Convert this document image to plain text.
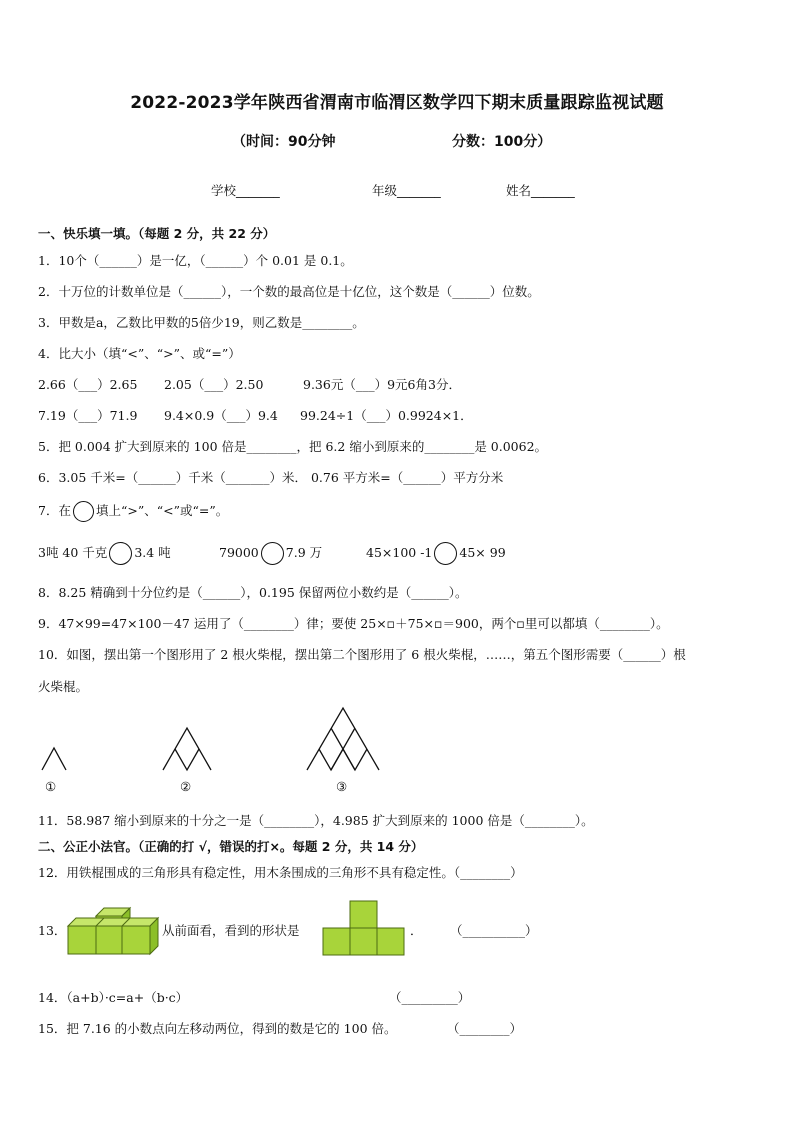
2022-2023学年陕西省渭南市临渭区数学四下期末质量跟踪监视试题
（时间：90分钟	分数：100分）
学校_______	年级_______	姓名_______
一、快乐填一填。（每题 2 分，共 22 分）
1．10个（______）是一亿，（______）个 0.01 是 0.1。
2．十万位的计数单位是（______），一个数的最高位是十亿位，这个数是（______）位数。
3．甲数是a，乙数比甲数的5倍少19，则乙数是________。
4．比大小（填“<”、“>”、或“=”）
2.66（___）2.65 2.05（___）2.50	9.36元（___）9元6角3分．
7.19（___）71.9 9.4×0.9（___）9.4 99.24÷1（___）0.9924×1．
5．把 0.004 扩大到原来的 100 倍是________，把 6.2 缩小到原来的________是 0.0062。
6．3.05 千米=（______）千米（_______）米． 0.76 平方米=（______）平方分米
7．在 填上“>”、“<”或“=”。
3吨 40 千克 3.4 吨	79000 7.9 万	45×100 -1 45× 99
8．8.25 精确到十分位约是（______），0.195 保留两位小数约是（______）。
9．47×99=47×100－47 运用了（________）律；要使 25×▫＋75×▫＝900，两个▫里可以都填（________）。
10．如图，摆出第一个图形用了 2 根火柴棍，摆出第二个图形用了 6 根火柴棍，……，第五个图形需要（______）根
火柴棍。
①	②	③
11．58.987 缩小到原来的十分之一是（________），4.985 扩大到原来的 1000 倍是（________）。
二、公正小法官。（正确的打 √，错误的打×。每题 2 分，共 14 分）
12．用铁棍围成的三角形具有稳定性，用木条围成的三角形不具有稳定性。（________）
13．	从前面看，看到的形状是	． （__________）
14．（a+b）·c=a+（b·c）	（_________）
15．把 7.16 的小数点向左移动两位，得到的数是它的 100 倍。	（________）
